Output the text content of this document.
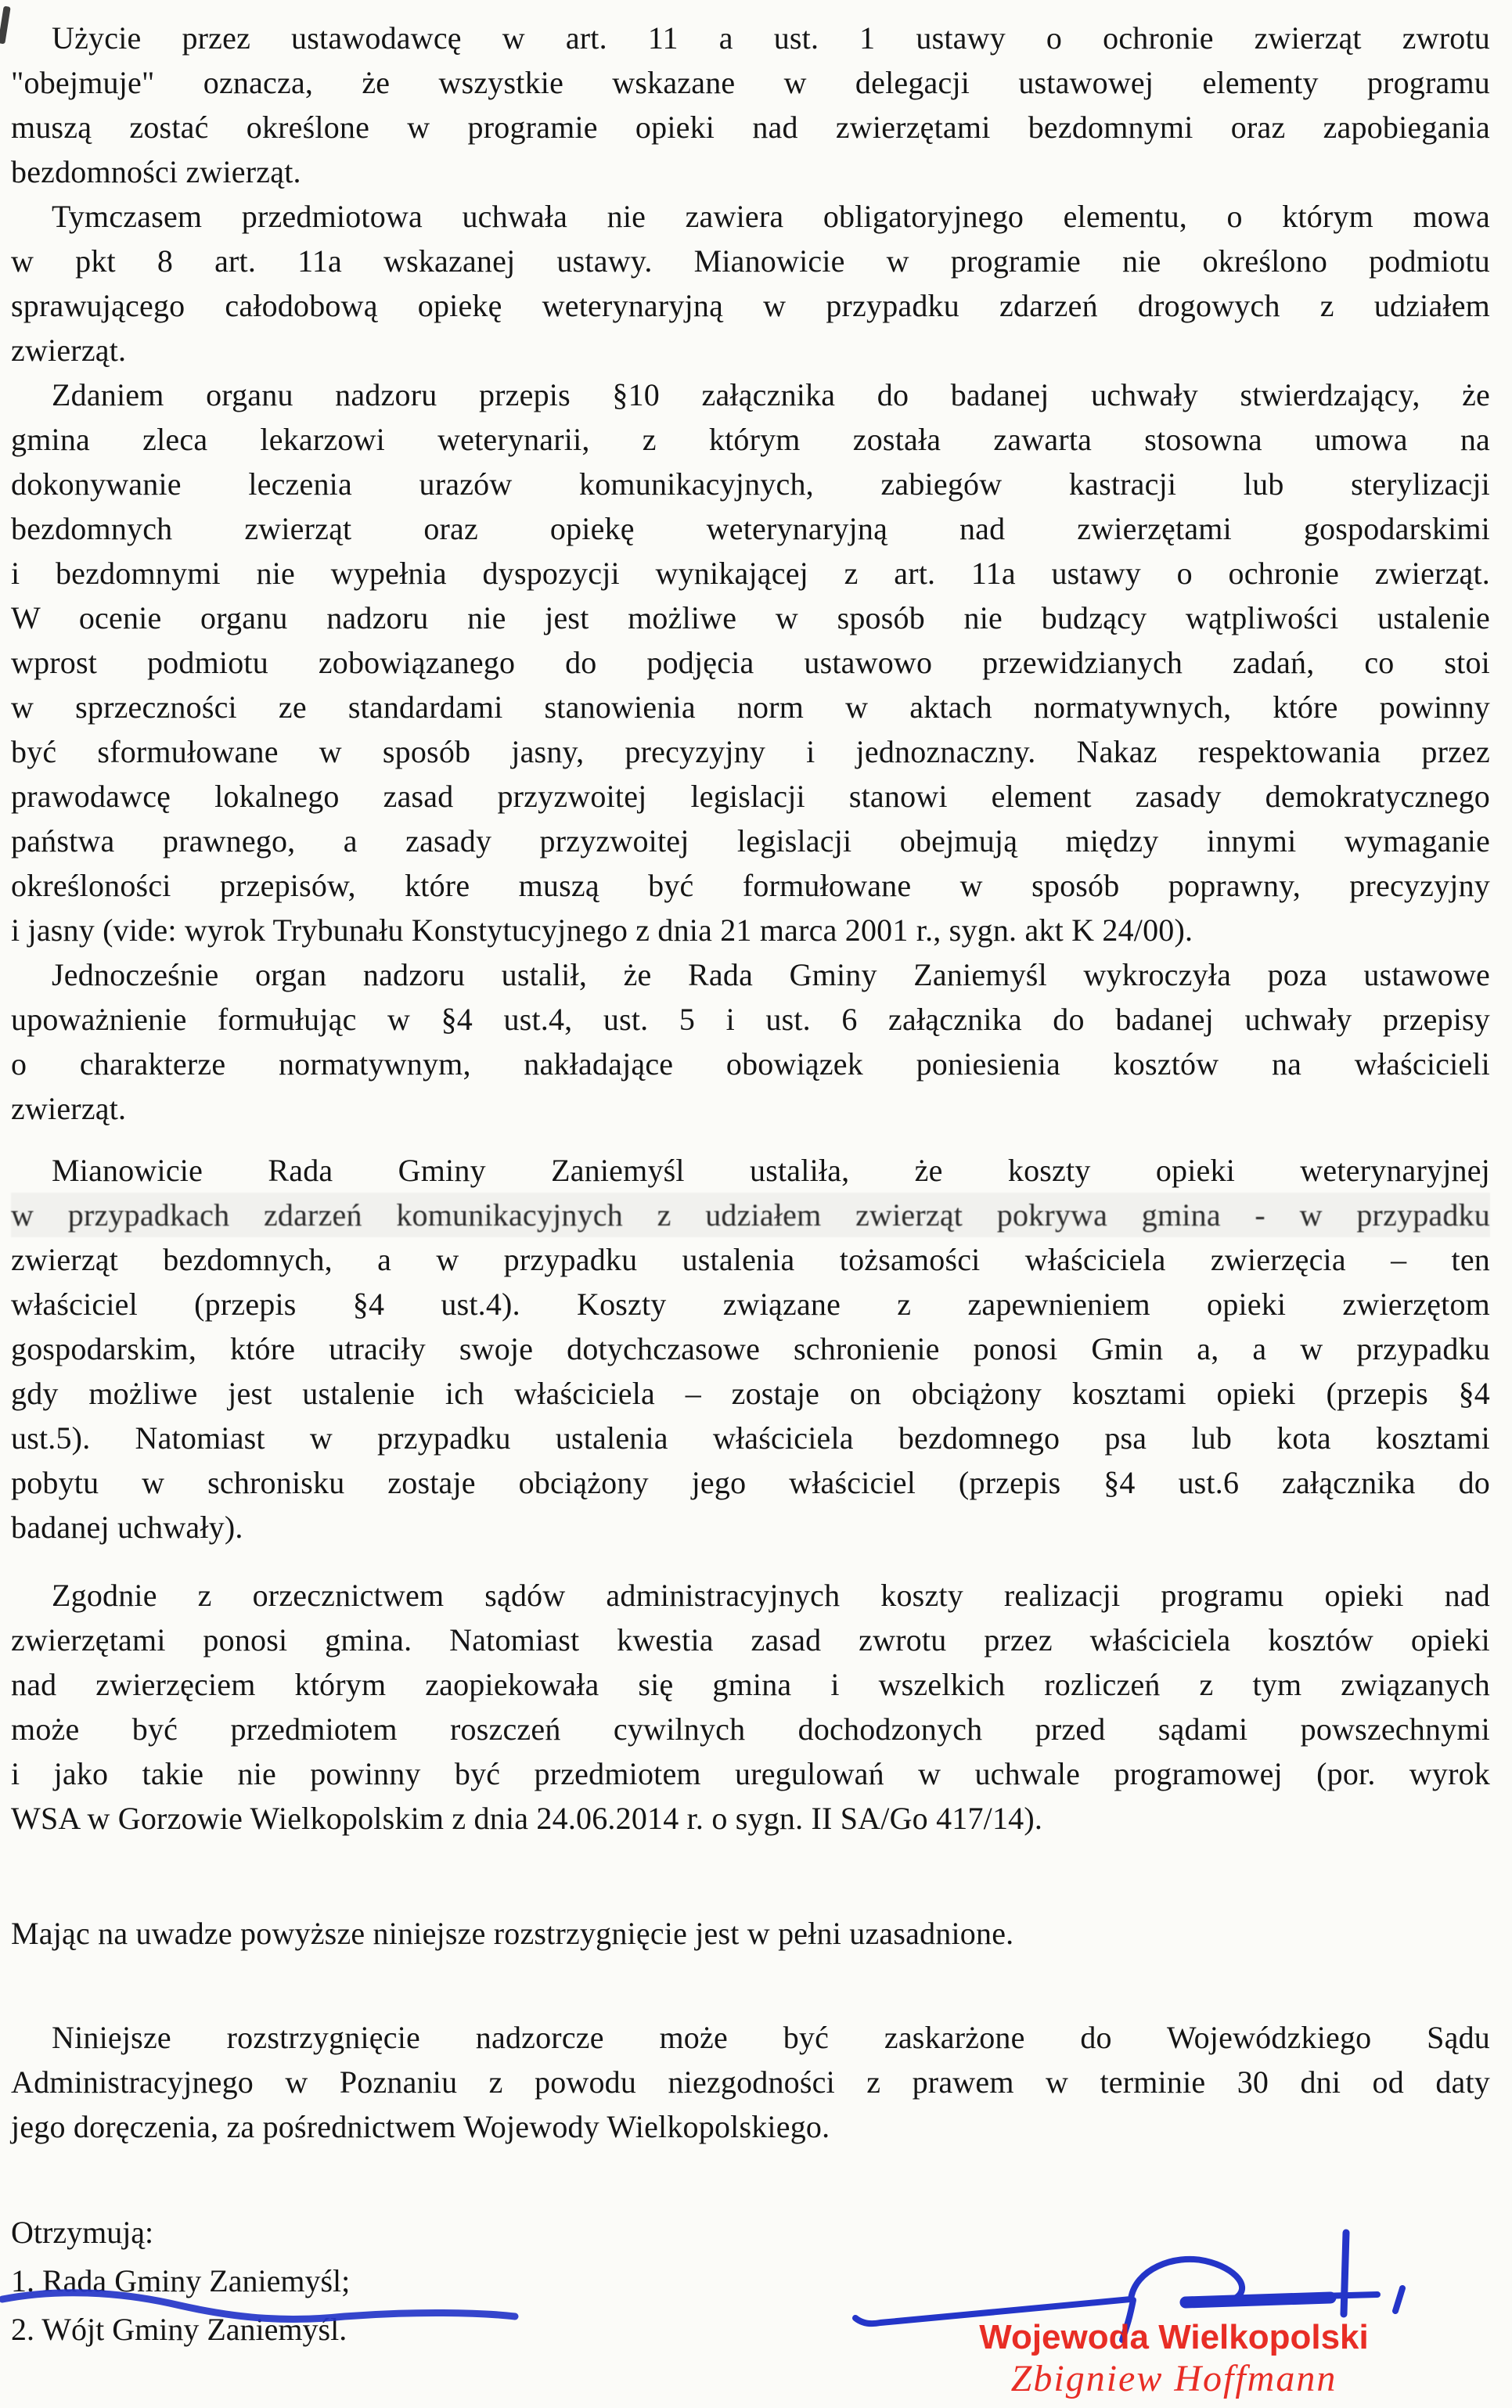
Użycie przez ustawodawcę w art. 11 a ust. 1 ustawy o ochronie zwierząt zwrotu
"obejmuje" oznacza, że wszystkie wskazane w delegacji ustawowej elementy programu
muszą zostać określone w programie opieki nad zwierzętami bezdomnymi oraz zapobiegania
bezdomności zwierząt.
Tymczasem przedmiotowa uchwała nie zawiera obligatoryjnego elementu, o którym mowa
w pkt 8 art. 11a wskazanej ustawy. Mianowicie w programie nie określono podmiotu
sprawującego całodobową opiekę weterynaryjną w przypadku zdarzeń drogowych z udziałem
zwierząt.
Zdaniem organu nadzoru przepis §10 załącznika do badanej uchwały stwierdzający, że
gmina zleca lekarzowi weterynarii, z którym została zawarta stosowna umowa na
dokonywanie leczenia urazów komunikacyjnych, zabiegów kastracji lub sterylizacji
bezdomnych zwierząt oraz opiekę weterynaryjną nad zwierzętami gospodarskimi
i bezdomnymi nie wypełnia dyspozycji wynikającej z art. 11a ustawy o ochronie zwierząt.
W ocenie organu nadzoru nie jest możliwe w sposób nie budzący wątpliwości ustalenie
wprost podmiotu zobowiązanego do podjęcia ustawowo przewidzianych zadań, co stoi
w sprzeczności ze standardami stanowienia norm w aktach normatywnych, które powinny
być sformułowane w sposób jasny, precyzyjny i jednoznaczny. Nakaz respektowania przez
prawodawcę lokalnego zasad przyzwoitej legislacji stanowi element zasady demokratycznego
państwa prawnego, a zasady przyzwoitej legislacji obejmują między innymi wymaganie
określoności przepisów, które muszą być formułowane w sposób poprawny, precyzyjny
i jasny (vide: wyrok Trybunału Konstytucyjnego z dnia 21 marca 2001 r., sygn. akt K 24/00).
Jednocześnie organ nadzoru ustalił, że Rada Gminy Zaniemyśl wykroczyła poza ustawowe
upoważnienie formułując w §4 ust.4, ust. 5 i ust. 6 załącznika do badanej uchwały przepisy
o charakterze normatywnym, nakładające obowiązek poniesienia kosztów na właścicieli
zwierząt.
Mianowicie Rada Gminy Zaniemyśl ustaliła, że koszty opieki weterynaryjnej
w przypadkach zdarzeń komunikacyjnych z udziałem zwierząt pokrywa gmina - w przypadku
zwierząt bezdomnych, a w przypadku ustalenia tożsamości właściciela zwierzęcia – ten
właściciel (przepis §4 ust.4). Koszty związane z zapewnieniem opieki zwierzętom
gospodarskim, które utraciły swoje dotychczasowe schronienie ponosi Gmin a, a w przypadku
gdy możliwe jest ustalenie ich właściciela – zostaje on obciążony kosztami opieki (przepis §4
ust.5). Natomiast w przypadku ustalenia właściciela bezdomnego psa lub kota kosztami
pobytu w schronisku zostaje obciążony jego właściciel (przepis §4 ust.6 załącznika do
badanej uchwały).
Zgodnie z orzecznictwem sądów administracyjnych koszty realizacji programu opieki nad
zwierzętami ponosi gmina. Natomiast kwestia zasad zwrotu przez właściciela kosztów opieki
nad zwierzęciem którym zaopiekowała się gmina i wszelkich rozliczeń z tym związanych
może być przedmiotem roszczeń cywilnych dochodzonych przed sądami powszechnymi
i jako takie nie powinny być przedmiotem uregulowań w uchwale programowej (por. wyrok
WSA w Gorzowie Wielkopolskim z dnia 24.06.2014 r. o sygn. II SA/Go 417/14).
Mając na uwadze powyższe niniejsze rozstrzygnięcie jest w pełni uzasadnione.
Niniejsze rozstrzygnięcie nadzorcze może być zaskarżone do Wojewódzkiego Sądu
Administracyjnego w Poznaniu z powodu niezgodności z prawem w terminie 30 dni od daty
jego doręczenia, za pośrednictwem Wojewody Wielkopolskiego.
Otrzymują:
1. Rada Gminy Zaniemyśl;
2. Wójt Gminy Zaniemyśl.	Wojewoda Wielkopolski
Zbigniew Hoffmann
